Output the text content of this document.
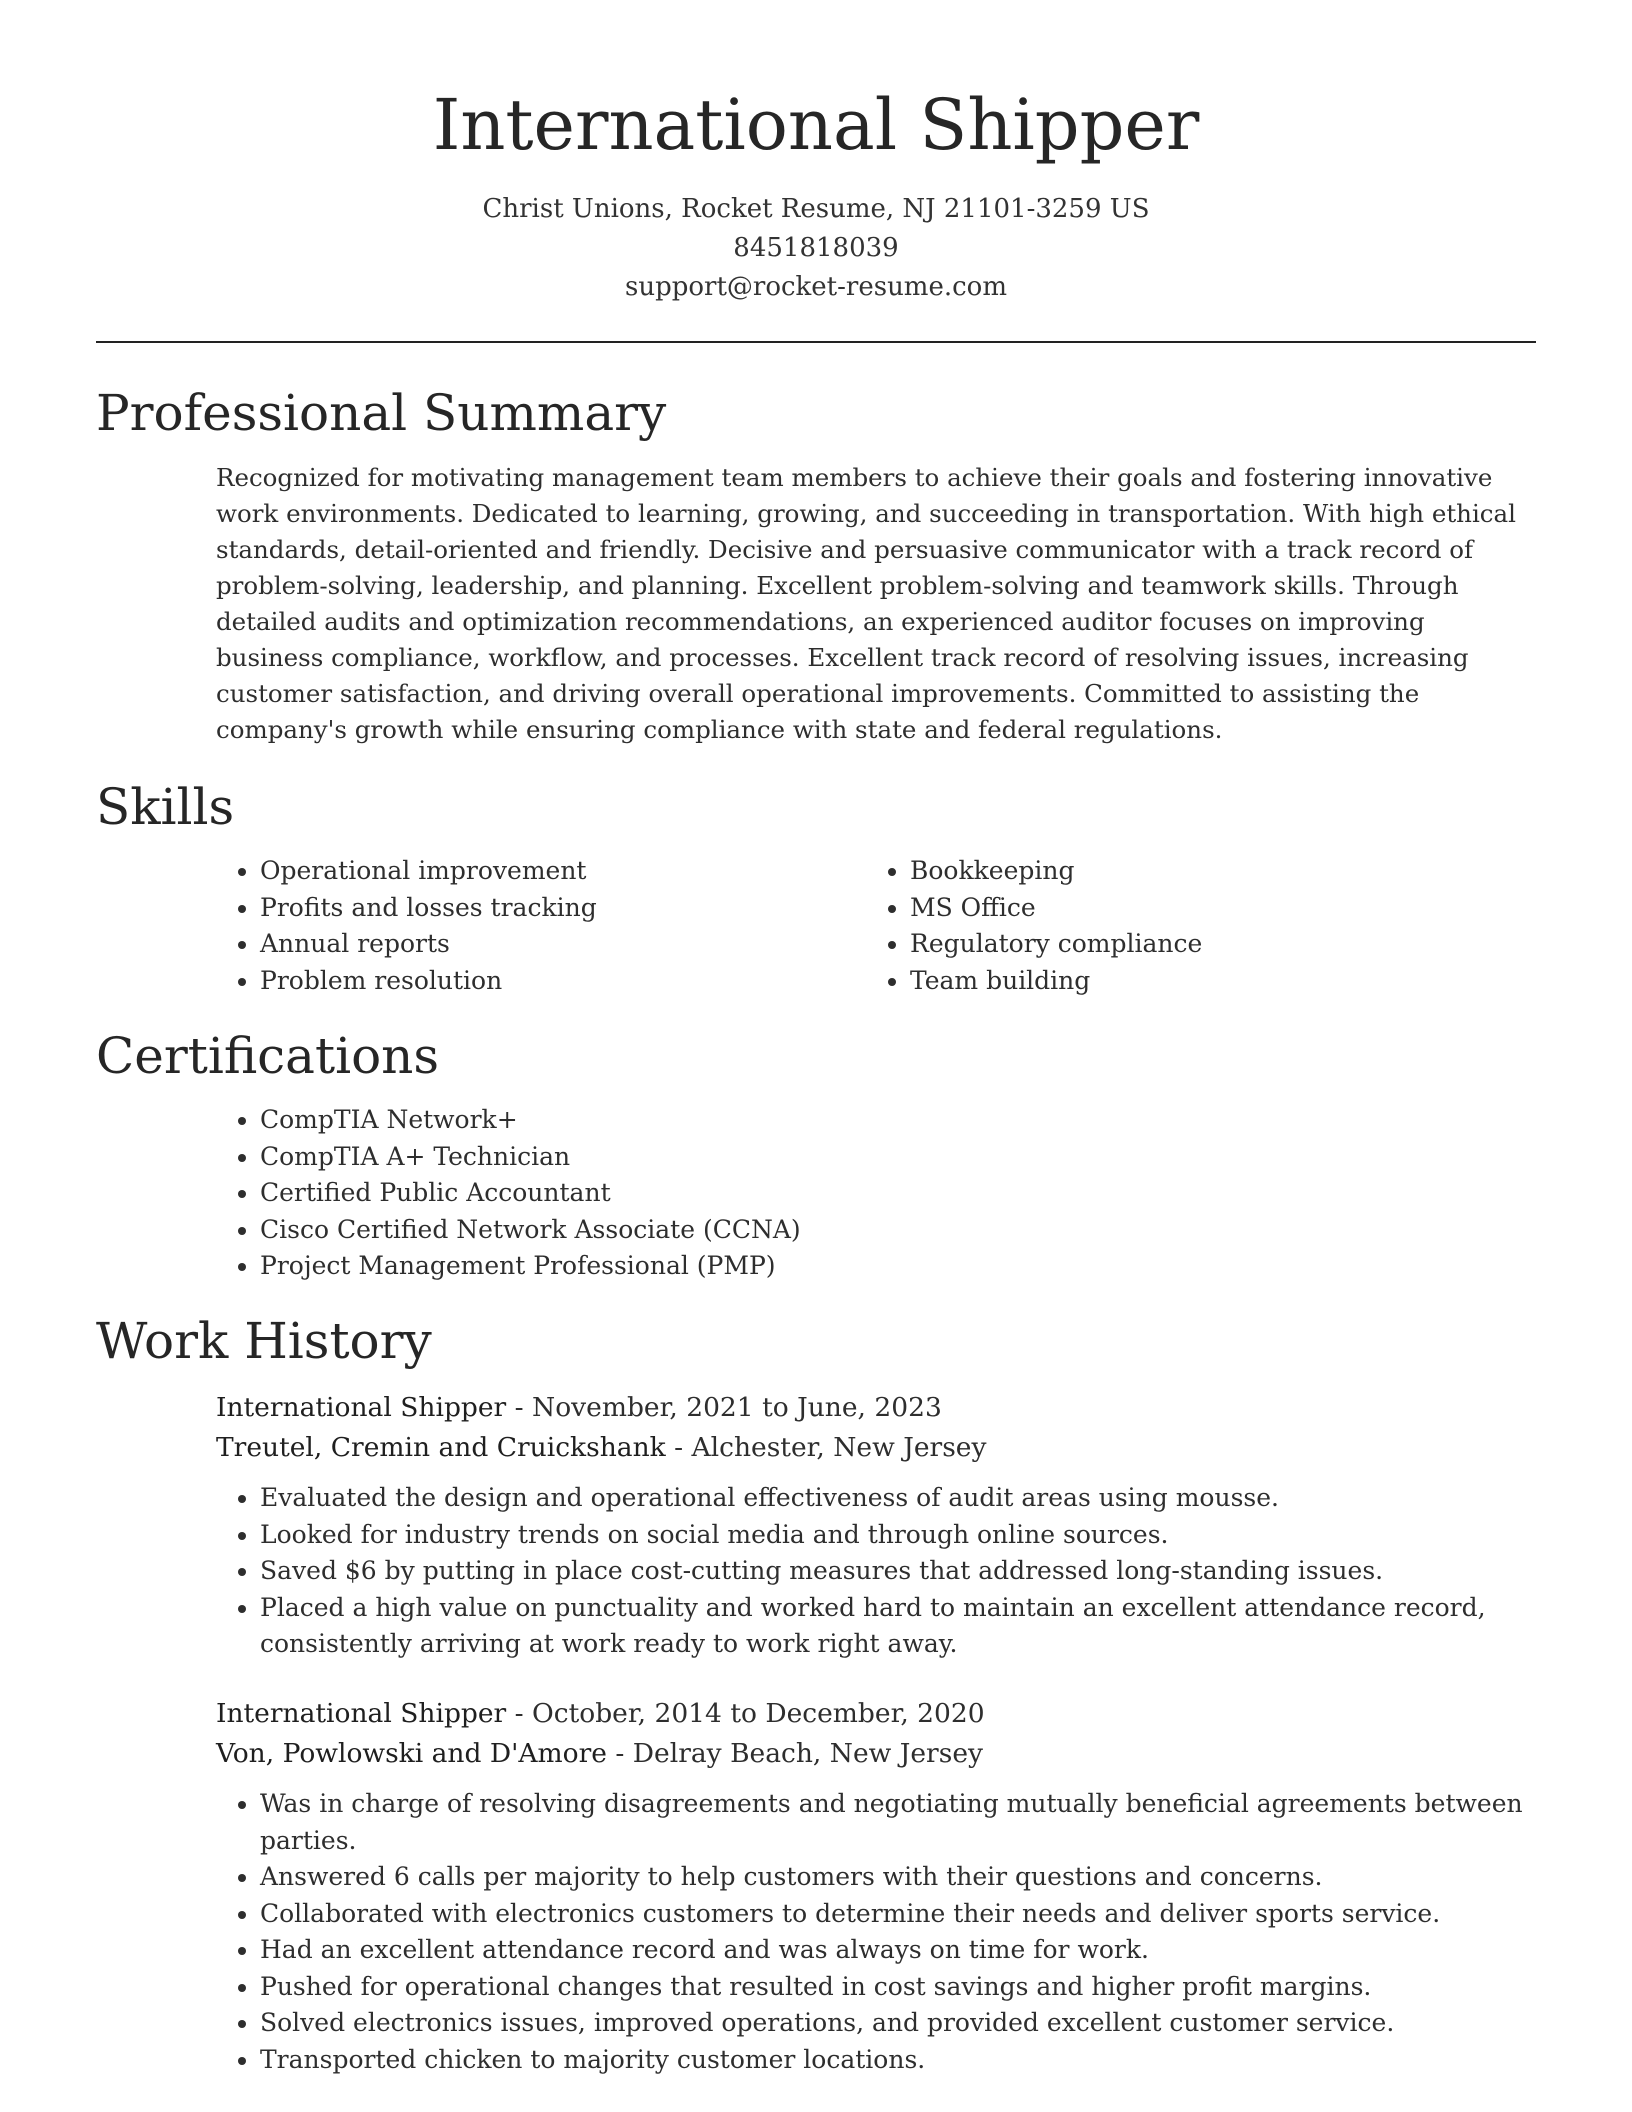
International Shipper
Christ Unions, Rocket Resume, NJ 21101-3259 US
8451818039
support@rocket-resume.com
Professional Summary

Recognized for motivating management team members to achieve their goals and fostering innovative work environments. Dedicated to learning, growing, and succeeding in transportation. With high ethical standards, detail-oriented and friendly. Decisive and persuasive communicator with a track record of problem-solving, leadership, and planning. Excellent problem-solving and teamwork skills. Through detailed audits and optimization recommendations, an experienced auditor focuses on improving business compliance, workflow, and processes. Excellent track record of resolving issues, increasing customer satisfaction, and driving overall operational improvements. Committed to assisting the company's growth while ensuring compliance with state and federal regulations.

Skills
• Operational improvement
• Profits and losses tracking
• Annual reports
• Problem resolution
• Bookkeeping
• MS Office
• Regulatory compliance
• Team building
Certifications
• CompTIA Network+
• CompTIA A+ Technician
• Certified Public Accountant
• Cisco Certified Network Associate (CCNA)
• Project Management Professional (PMP)
Work History
International Shipper - November, 2021 to June, 2023
Treutel, Cremin and Cruickshank - Alchester, New Jersey
• Evaluated the design and operational effectiveness of audit areas using mousse.
• Looked for industry trends on social media and through online sources.
• Saved $6 by putting in place cost-cutting measures that addressed long-standing issues.
• Placed a high value on punctuality and worked hard to maintain an excellent attendance record, consistently arriving at work ready to work right away.
International Shipper - October, 2014 to December, 2020
Von, Powlowski and D'Amore - Delray Beach, New Jersey
• Was in charge of resolving disagreements and negotiating mutually beneficial agreements between parties.
• Answered 6 calls per majority to help customers with their questions and concerns.
• Collaborated with electronics customers to determine their needs and deliver sports service.
• Had an excellent attendance record and was always on time for work.
• Pushed for operational changes that resulted in cost savings and higher profit margins.
• Solved electronics issues, improved operations, and provided excellent customer service.
• Transported chicken to majority customer locations.
